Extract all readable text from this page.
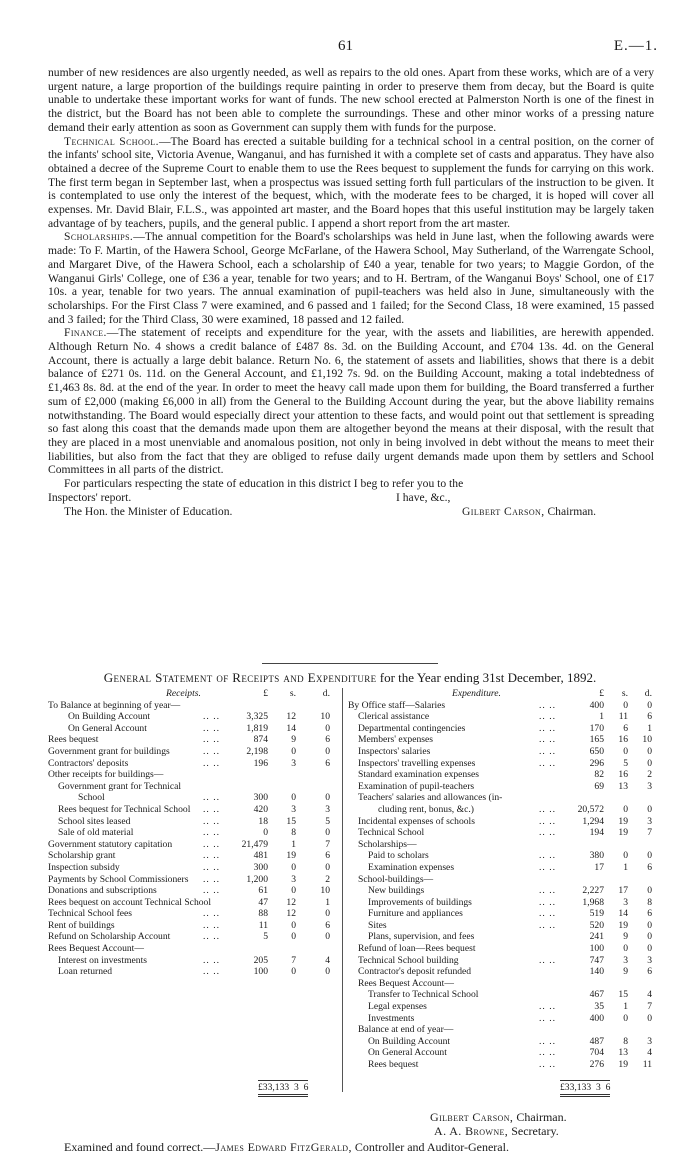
61	E.—1.

number of new residences are also urgently needed, as well as repairs to the old ones. Apart from these works, which are of a very urgent nature, a large proportion of the buildings require painting in order to preserve them from decay, but the Board is quite unable to undertake these important works for want of funds. The new school erected at Palmerston North is one of the finest in the district, but the Board has not been able to complete the surroundings. These and other minor works of a pressing nature demand their early attention as soon as Government can supply them with funds for the purpose.

Technical School.—The Board has erected a suitable building for a technical school in a central position, on the corner of the infants' school site, Victoria Avenue, Wanganui, and has furnished it with a complete set of casts and apparatus. They have also obtained a decree of the Supreme Court to enable them to use the Rees bequest to supplement the funds for carrying on this work. The first term began in September last, when a prospectus was issued setting forth full particulars of the instruction to be given. It is contemplated to use only the interest of the bequest, which, with the moderate fees to be charged, it is hoped will cover all expenses. Mr. David Blair, F.L.S., was appointed art master, and the Board hopes that this useful institution may be largely taken advantage of by teachers, pupils, and the general public. I append a short report from the art master.

Scholarships.—The annual competition for the Board's scholarships was held in June last, when the following awards were made: To F. Martin, of the Hawera School, George McFarlane, of the Hawera School, May Sutherland, of the Warrengate School, and Margaret Dive, of the Hawera School, each a scholarship of £40 a year, tenable for two years; to Maggie Gordon, of the Wanganui Girls' College, one of £36 a year, tenable for two years; and to H. Bertram, of the Wanganui Boys' School, one of £17 10s. a year, tenable for two years. The annual examination of pupil-teachers was held also in June, simultaneously with the scholarships. For the First Class 7 were examined, and 6 passed and 1 failed; for the Second Class, 18 were examined, 15 passed and 3 failed; for the Third Class, 30 were examined, 18 passed and 12 failed.

Finance.—The statement of receipts and expenditure for the year, with the assets and liabilities, are herewith appended. Although Return No. 4 shows a credit balance of £487 8s. 3d. on the Building Account, and £704 13s. 4d. on the General Account, there is actually a large debit balance. Return No. 6, the statement of assets and liabilities, shows that there is a debit balance of £271 0s. 11d. on the General Account, and £1,192 7s. 9d. on the Building Account, making a total indebtedness of £1,463 8s. 8d. at the end of the year. In order to meet the heavy call made upon them for building, the Board transferred a further sum of £2,000 (making £6,000 in all) from the General to the Building Account during the year, but the above liability remains notwithstanding. The Board would especially direct your attention to these facts, and would point out that settlement is spreading so fast along this coast that the demands made upon them are altogether beyond the means at their disposal, with the result that they are placed in a most unenviable and anomalous position, not only in being involved in debt without the means to meet their liabilities, but also from the fact that they are obliged to refuse daily urgent demands made upon them by settlers and School Committees in all parts of the district.

For particulars respecting the state of education in this district I beg to refer you to the
Inspectors' report.	I have, &c.,
The Hon. the Minister of Education.	Gilbert Carson, Chairman.
General Statement of Receipts and Expenditure for the Year ending 31st December, 1892.
Receipts.	£	s.	d.
To Balance at beginning of year—
On Building Account	.. ..	3,325	12	10
On General Account	.. ..	1,819	14	0
Rees bequest	.. ..	874	9	6
Government grant for buildings	.. ..	2,198	0	0
Contractors' deposits	.. ..	196	3	6
Other receipts for buildings—
Government grant for Technical
School	.. ..	300	0	0
Rees bequest for Technical School .. ..	420	3	3
School sites leased	.. ..	18	15	5
Sale of old material	.. ..	0	8	0
Government statutory capitation	.. ..	21,479	1	7
Scholarship grant	.. ..	481	19	6
Inspection subsidy	.. ..	300	0	0
Payments by School Commissioners .. ..	1,200	3	2
Donations and subscriptions	.. ..	61	0	10
Rees bequest on account Technical School	47	12	1
Technical School fees	.. ..	88	12	0
Rent of buildings	.. ..	11	0	6
Refund on Scholarship Account	.. ..	5	0	0
Rees Bequest Account—
Interest on investments	.. ..	205	7	4
Loan returned	.. ..	100	0	0
Expenditure.	£	s.	d.
By Office staff—Salaries	.. ..	400	0	0
Clerical assistance	.. ..	1	11	6
Departmental contingencies	.. ..	170	6	1
Members' expenses	.. ..	165	16	10
Inspectors' salaries	.. ..	650	0	0
Inspectors' travelling expenses	.. ..	296	5	0
Standard examination expenses	82	16	2
Examination of pupil-teachers	69	13	3
Teachers' salaries and allowances (in-
cluding rent, bonus, &c.)	.. ..	20,572	0	0
Incidental expenses of schools	.. ..	1,294	19	3
Technical School	.. ..	194	19	7
Scholarships—
Paid to scholars	.. ..	380	0	0
Examination expenses	.. ..	17	1	6
School-buildings—
New buildings	.. ..	2,227	17	0
Improvements of buildings	.. ..	1,968	3	8
Furniture and appliances	.. ..	519	14	6
Sites	.. ..	520	19	0
Plans, supervision, and fees	241	9	0
Refund of loan—Rees bequest	100	0	0
Technical School building	.. ..	747	3	3
Contractor's deposit refunded	140	9	6
Rees Bequest Account—
Transfer to Technical School	467	15	4
Legal expenses	.. ..	35	1	7
Investments	.. ..	400	0	0
Balance at end of year—
On Building Account	.. ..	487	8	3
On General Account	.. ..	704	13	4
Rees bequest	.. ..	276	19	11
£33,133 3 6	£33,133 3 6
Gilbert Carson, Chairman.
A. A. Browne, Secretary.
Examined and found correct.—James Edward FitzGerald, Controller and Auditor-General.
